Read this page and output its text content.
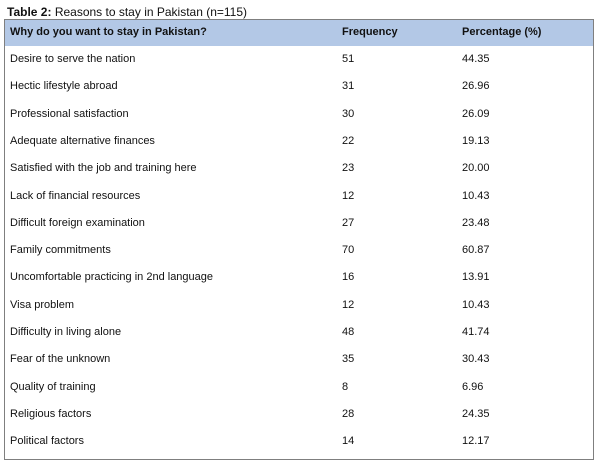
Table 2: Reasons to stay in Pakistan (n=115)
Why do you want to stay in Pakistan?	Frequency	Percentage (%)
Desire to serve the nation	51	44.35
Hectic lifestyle abroad	31	26.96
Professional satisfaction	30	26.09
Adequate alternative finances	22	19.13
Satisfied with the job and training here	23	20.00
Lack of financial resources	12	10.43
Difficult foreign examination	27	23.48
Family commitments	70	60.87
Uncomfortable practicing in 2nd language	16	13.91
Visa problem	12	10.43
Difficulty in living alone	48	41.74
Fear of the unknown	35	30.43
Quality of training	8	6.96
Religious factors	28	24.35
Political factors	14	12.17
